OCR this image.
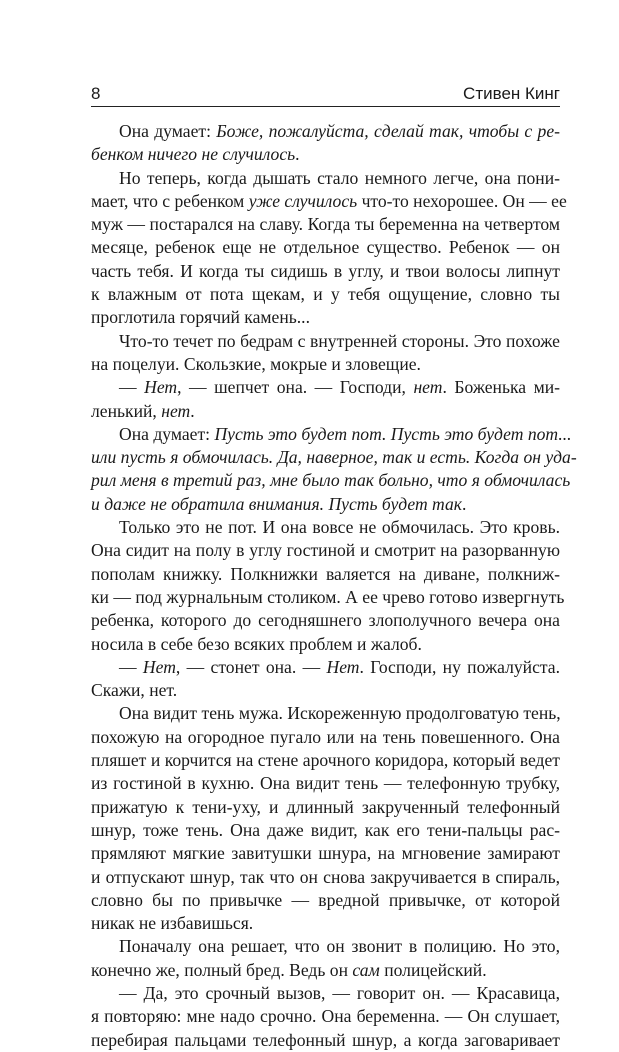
8	Стивен Кинг
Она думает: Боже, пожалуйста, сделай так, чтобы с ре-
бенком ничего не случилось.
Но теперь, когда дышать стало немного легче, она пони-
мает, что с ребенком уже случилось что-то нехорошее. Он — ее
муж — постарался на славу. Когда ты беременна на четвертом
месяце, ребенок еще не отдельное существо. Ребенок — он
часть тебя. И когда ты сидишь в углу, и твои волосы липнут
к влажным от пота щекам, и у тебя ощущение, словно ты
проглотила горячий камень...
Что-то течет по бедрам с внутренней стороны. Это похоже
на поцелуи. Скользкие, мокрые и зловещие.
— Нет, — шепчет она. — Господи, нет. Боженька ми-
ленький, нет.
Она думает: Пусть это будет пот. Пусть это будет пот...
или пусть я обмочилась. Да, наверное, так и есть. Когда он уда-
рил меня в третий раз, мне было так больно, что я обмочилась
и даже не обратила внимания. Пусть будет так.
Только это не пот. И она вовсе не обмочилась. Это кровь.
Она сидит на полу в углу гостиной и смотрит на разорванную
пополам книжку. Полкнижки валяется на диване, полкниж-
ки — под журнальным столиком. А ее чрево готово извергнуть
ребенка, которого до сегодняшнего злополучного вечера она
носила в себе безо всяких проблем и жалоб.
— Нет, — стонет она. — Нет. Господи, ну пожалуйста.
Скажи, нет.
Она видит тень мужа. Искореженную продолговатую тень,
похожую на огородное пугало или на тень повешенного. Она
пляшет и корчится на стене арочного коридора, который ведет
из гостиной в кухню. Она видит тень — телефонную трубку,
прижатую к тени-уху, и длинный закрученный телефонный
шнур, тоже тень. Она даже видит, как его тени-пальцы рас-
прямляют мягкие завитушки шнура, на мгновение замирают
и отпускают шнур, так что он снова закручивается в спираль,
словно бы по привычке — вредной привычке, от которой
никак не избавишься.
Поначалу она решает, что он звонит в полицию. Но это,
конечно же, полный бред. Ведь он сам полицейский.
— Да, это срочный вызов, — говорит он. — Красавица,
я повторяю: мне надо срочно. Она беременна. — Он слушает,
перебирая пальцами телефонный шнур, а когда заговаривает
